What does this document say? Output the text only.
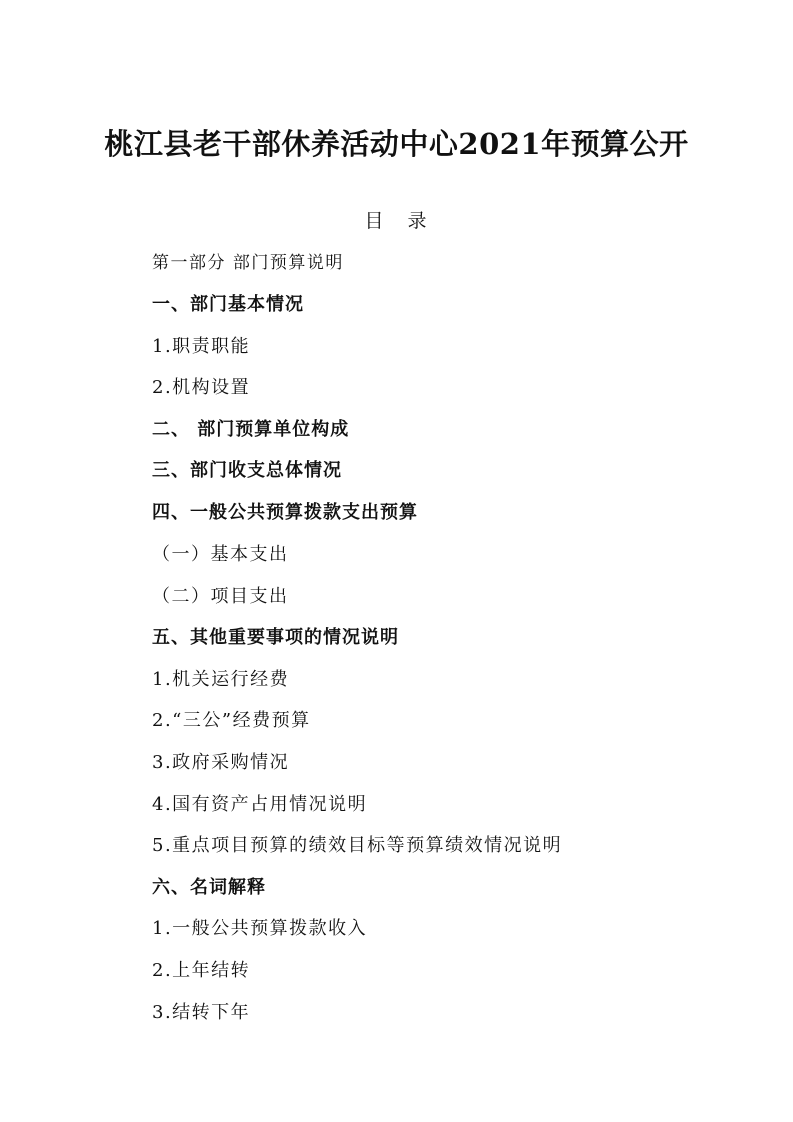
桃江县老干部休养活动中心2021年预算公开
目 录
第一部分 部门预算说明
一、部门基本情况
1.职责职能
2.机构设置
二、 部门预算单位构成
三、部门收支总体情况
四、一般公共预算拨款支出预算
（一）基本支出
（二）项目支出
五、其他重要事项的情况说明
1.机关运行经费
2.“三公”经费预算
3.政府采购情况
4.国有资产占用情况说明
5.重点项目预算的绩效目标等预算绩效情况说明
六、名词解释
1.一般公共预算拨款收入
2.上年结转
3.结转下年
